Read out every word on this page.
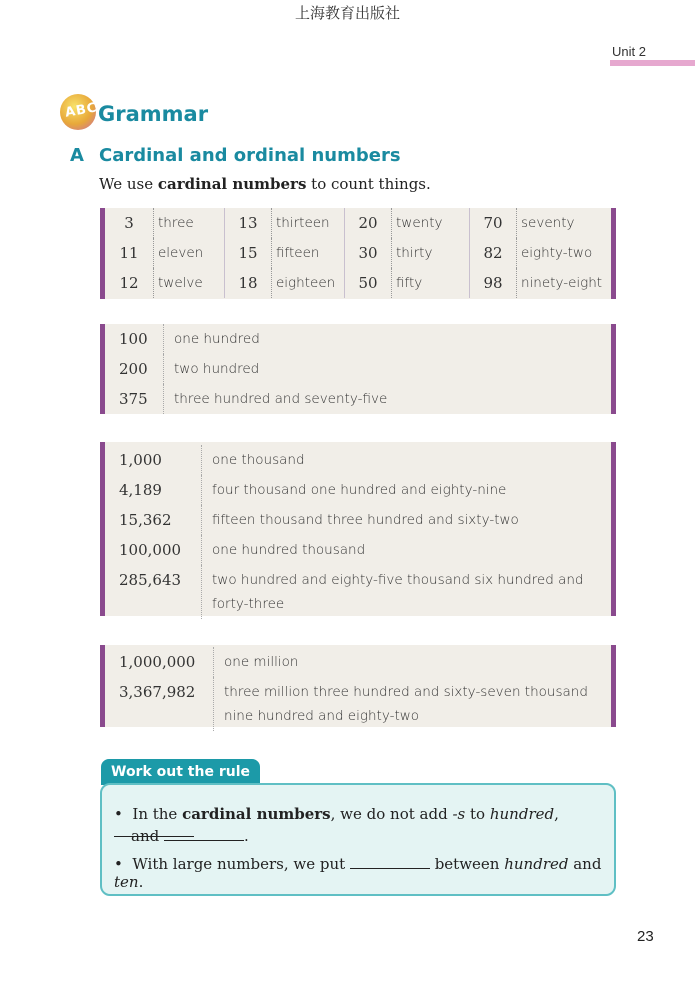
上海教育出版社
Unit 2
ABC Grammar
A Cardinal and ordinal numbers
We use cardinal numbers to count things.
3	three	13	thirteen	20	twenty	70	seventy
11	eleven	15	fifteen	30	thirty	82	eighty-two
12	twelve	18	eighteen	50	fifty	98	ninety-eight
100	one hundred
200	two hundred
375	three hundred and seventy-five
1,000	one thousand
4,189	four thousand one hundred and eighty-nine
15,362	fifteen thousand three hundred and sixty-two
100,000	one hundred thousand
285,643	two hundred and eighty-five thousand six hundred and forty-three
1,000,000	one million
3,367,982	three million three hundred and sixty-seven thousand nine hundred and eighty-two
Work out the rule
•  In the cardinal numbers, we do not add -s to hundred,
and	.
•  With large numbers, we put	between hundred and ten.
23
